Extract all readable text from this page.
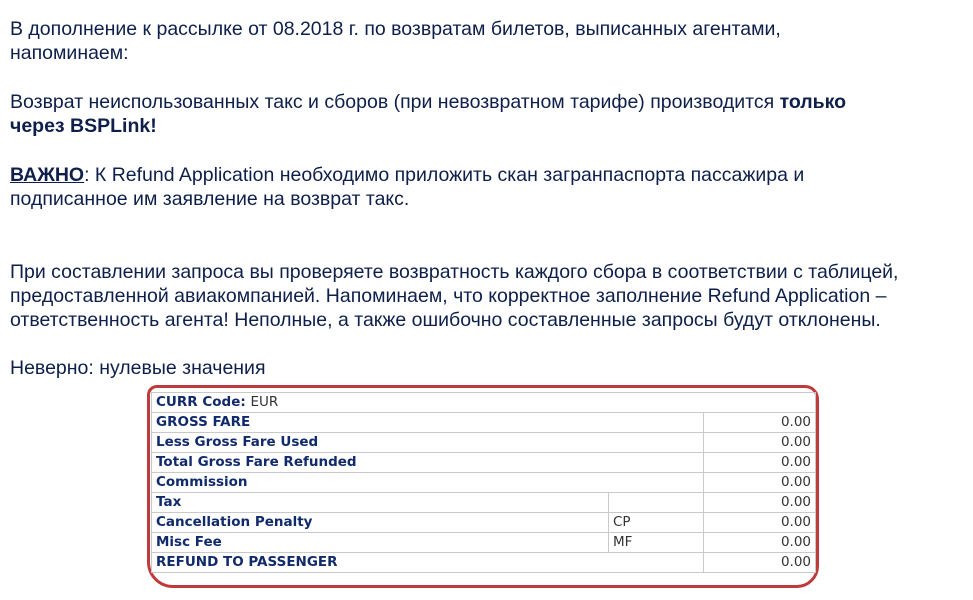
В дополнение к рассылке от 08.2018 г. по возвратам билетов, выписанных агентами,
напоминаем:
Возврат неиспользованных такс и сборов (при невозвратном тарифе) производится только
через BSPLink!
ВАЖНО: К Refund Application необходимо приложить скан загранпаспорта пассажира и
подписанное им заявление на возврат такс.
При составлении запроса вы проверяете возвратность каждого сбора в соответствии с таблицей,
предоставленной авиакомпанией. Напоминаем, что корректное заполнение Refund Application –
ответственность агента! Неполные, а также ошибочно составленные запросы будут отклонены.
Неверно: нулевые значения
CURR Code: EUR		
GROSS FARE		0.00
Less Gross Fare Used		0.00
Total Gross Fare Refunded		0.00
Commission		0.00
Tax		0.00
Cancellation Penalty	CP	0.00
Misc Fee	MF	0.00
REFUND TO PASSENGER		0.00
